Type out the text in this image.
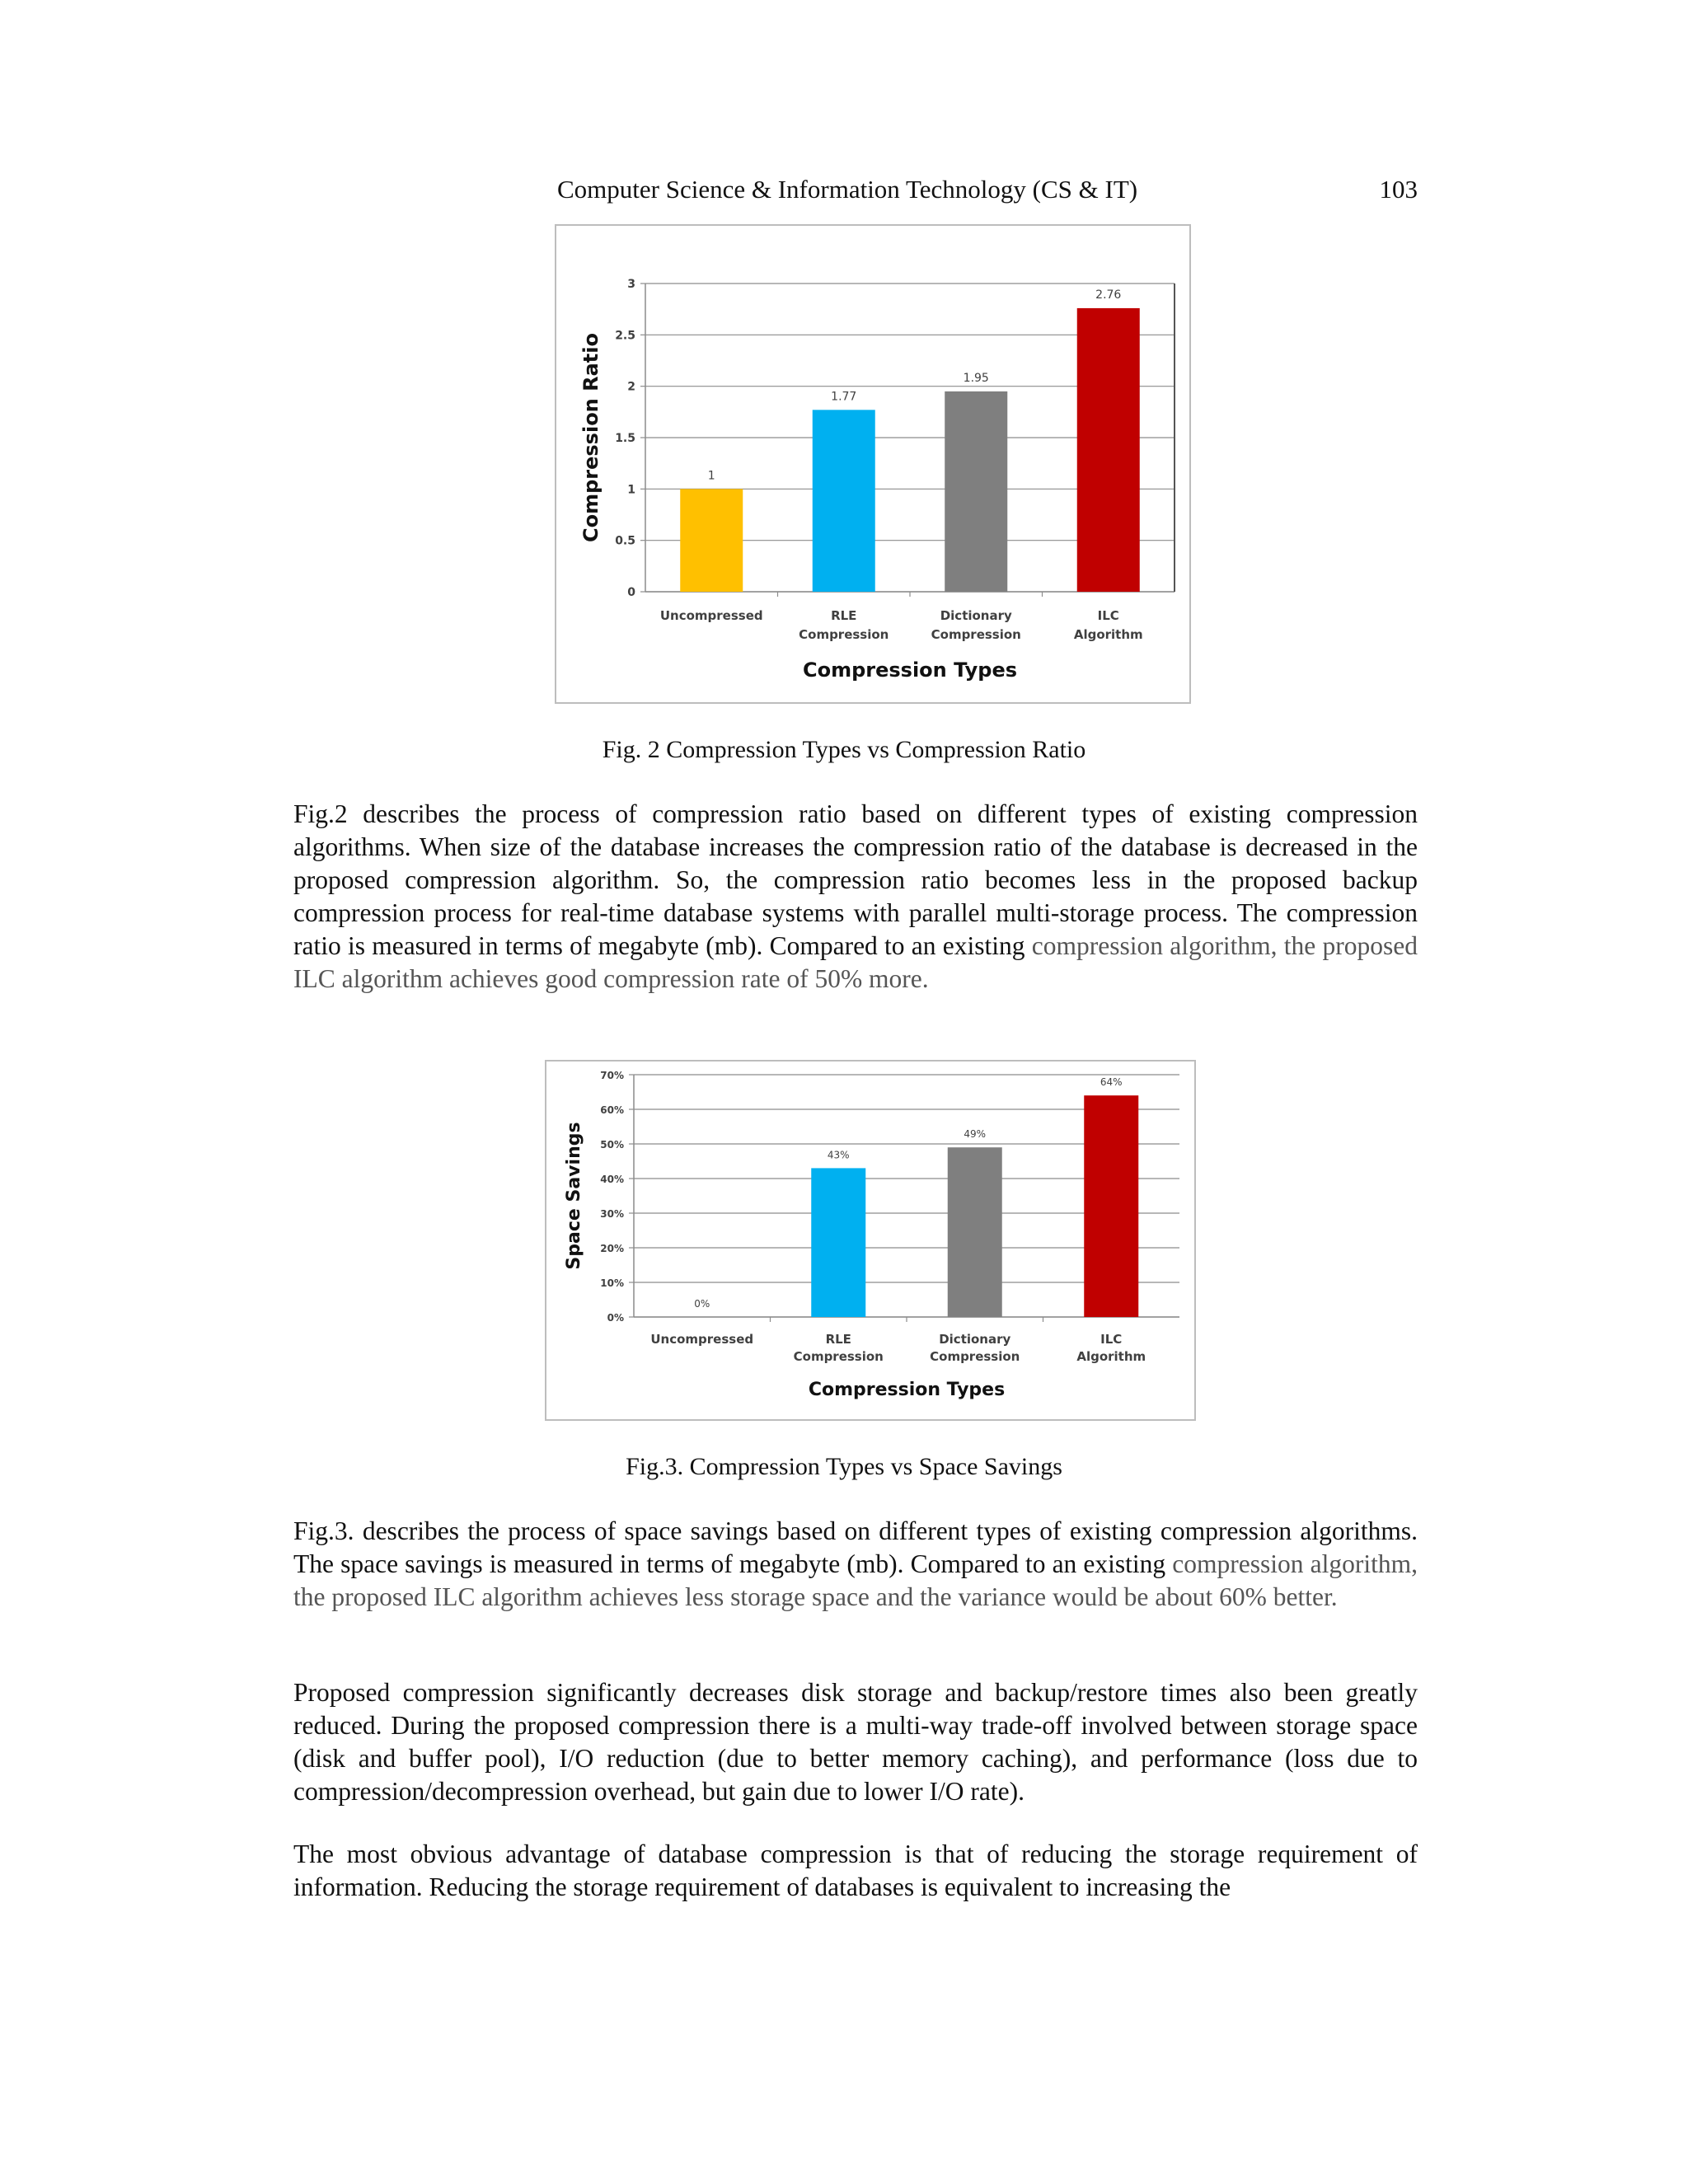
Computer Science & Information Technology (CS & IT)	103
0
0.5
1
1.5
2
2.5
3
1
Uncompressed
1.77
RLE
Compression
1.95
Dictionary
Compression
2.76
ILC
Algorithm
Compression Types
Compression Ratio
Fig. 2 Compression Types vs Compression Ratio

Fig.2 describes the process of compression ratio based on different types of existing compression algorithms. When size of the database increases the compression ratio of the database is decreased in the proposed compression algorithm. So, the compression ratio becomes less in the proposed backup compression process for real-time database systems with parallel multi-storage process. The compression ratio is measured in terms of megabyte (mb). Compared to an existing compression algorithm, the proposed ILC algorithm achieves good compression rate of 50% more.

0%
10%
20%
30%
40%
50%
60%
70%
0%
Uncompressed
43%
RLE
Compression
49%
Dictionary
Compression
64%
ILC
Algorithm
Compression Types
Space Savings
Fig.3. Compression Types vs Space Savings

Fig.3. describes the process of space savings based on different types of existing compression algorithms. The space savings is measured in terms of megabyte (mb). Compared to an existing compression algorithm, the proposed ILC algorithm achieves less storage space and the variance would be about 60% better.

Proposed compression significantly decreases disk storage and backup/restore times also been greatly reduced. During the proposed compression there is a multi-way trade-off involved between storage space (disk and buffer pool), I/O reduction (due to better memory caching), and performance (loss due to compression/decompression overhead, but gain due to lower I/O rate).

The most obvious advantage of database compression is that of reducing the storage requirement of information. Reducing the storage requirement of databases is equivalent to increasing the
